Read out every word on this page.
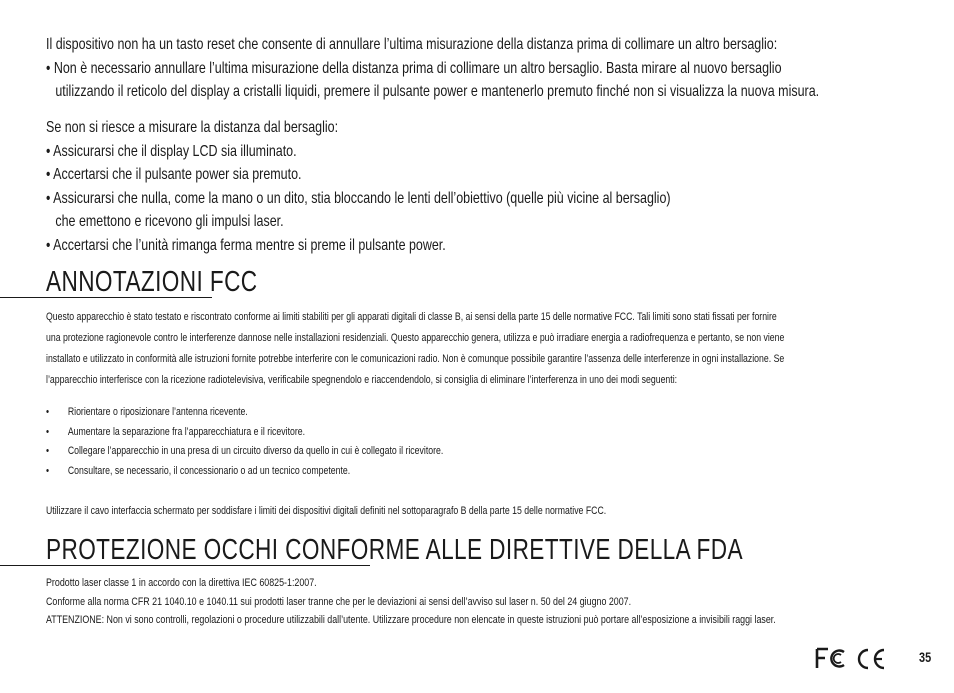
Il dispositivo non ha un tasto reset che consente di annullare l’ultima misurazione della distanza prima di collimare un altro bersaglio:
• Non è necessario annullare l’ultima misurazione della distanza prima di collimare un altro bersaglio. Basta mirare al nuovo bersaglio
utilizzando il reticolo del display a cristalli liquidi, premere il pulsante power e mantenerlo premuto finché non si visualizza la nuova misura.
Se non si riesce a misurare la distanza dal bersaglio:
• Assicurarsi che il display LCD sia illuminato.
• Accertarsi che il pulsante power sia premuto.
• Assicurarsi che nulla, come la mano o un dito, stia bloccando le lenti dell’obiettivo (quelle più vicine al bersaglio)
che emettono e ricevono gli impulsi laser.
• Accertarsi che l’unità rimanga ferma mentre si preme il pulsante power.
ANNOTAZIONI FCC
Questo apparecchio è stato testato e riscontrato conforme ai limiti stabiliti per gli apparati digitali di classe B, ai sensi della parte 15 delle normative FCC. Tali limiti sono stati fissati per fornire
una protezione ragionevole contro le interferenze dannose nelle installazioni residenziali. Questo apparecchio genera, utilizza e può irradiare energia a radiofrequenza e pertanto, se non viene
installato e utilizzato in conformità alle istruzioni fornite potrebbe interferire con le comunicazioni radio. Non è comunque possibile garantire l’assenza delle interferenze in ogni installazione. Se
l’apparecchio interferisce con la ricezione radiotelevisiva, verificabile spegnendolo e riaccendendolo, si consiglia di eliminare l’interferenza in uno dei modi seguenti:
• Riorientare o riposizionare l’antenna ricevente.
• Aumentare la separazione fra l’apparecchiatura e il ricevitore.
• Collegare l’apparecchio in una presa di un circuito diverso da quello in cui è collegato il ricevitore.
• Consultare, se necessario, il concessionario o ad un tecnico competente.
Utilizzare il cavo interfaccia schermato per soddisfare i limiti dei dispositivi digitali definiti nel sottoparagrafo B della parte 15 delle normative FCC.
PROTEZIONE OCCHI CONFORME ALLE DIRETTIVE DELLA FDA
Prodotto laser classe 1 in accordo con la direttiva IEC 60825-1:2007.
Conforme alla norma CFR 21 1040.10 e 1040.11 sui prodotti laser tranne che per le deviazioni ai sensi dell’avviso sul laser n. 50 del 24 giugno 2007.
ATTENZIONE: Non vi sono controlli, regolazioni o procedure utilizzabili dall’utente. Utilizzare procedure non elencate in queste istruzioni può portare all’esposizione a invisibili raggi laser.
35
